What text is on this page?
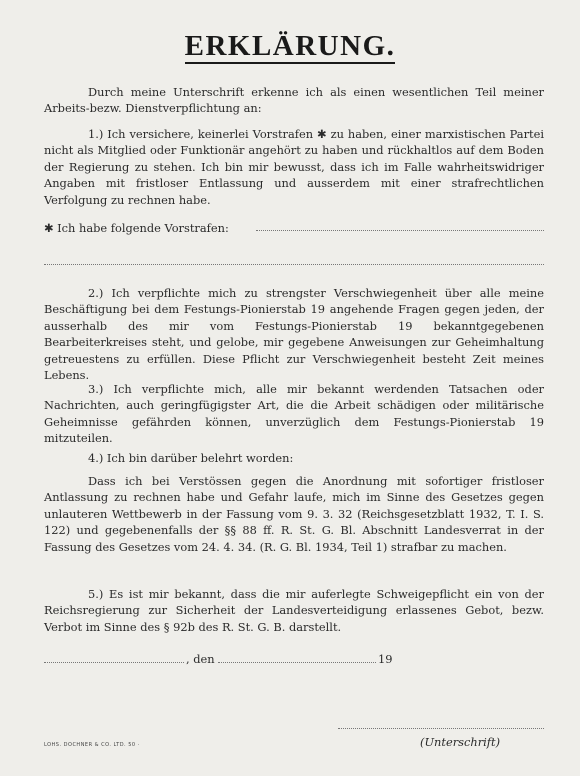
ERKLÄRUNG.

Durch meine Unterschrift erkenne ich als einen wesentlichen Teil meiner Arbeits-bezw. Dienstverpflichtung an:

1.) Ich versichere, keinerlei Vorstrafen ✱ zu haben, einer marxistischen Partei nicht als Mitglied oder Funktionär angehört zu haben und rückhaltlos auf dem Boden der Regierung zu stehen. Ich bin mir bewusst, dass ich im Falle wahrheitswidriger Angaben mit fristloser Entlassung und ausserdem mit einer strafrechtlichen Verfolgung zu rechnen habe.

✱ Ich habe folgende Vorstrafen:

2.) Ich verpflichte mich zu strengster Verschwiegenheit über alle meine Beschäftigung bei dem Festungs-Pionierstab 19 angehende Fragen gegen jeden, der ausserhalb des mir vom Festungs-Pionierstab 19 bekanntgegebenen Bearbeiterkreises steht, und gelobe, mir gegebene Anweisungen zur Geheimhaltung getreuestens zu erfüllen. Diese Pflicht zur Verschwiegenheit besteht Zeit meines Lebens.

3.) Ich verpflichte mich, alle mir bekannt werdenden Tatsachen oder Nachrichten, auch geringfügigster Art, die die Arbeit schädigen oder militärische Geheimnisse gefährden können, unverzüglich dem Festungs-Pionierstab 19 mitzuteilen.

4.) Ich bin darüber belehrt worden:

Dass ich bei Verstössen gegen die Anordnung mit sofortiger fristloser Antlassung zu rechnen habe und Gefahr laufe, mich im Sinne des Gesetzes gegen unlauteren Wettbewerb in der Fassung vom 9. 3. 32 (Reichsgesetzblatt 1932, T. I. S. 122) und gegebenenfalls der §§ 88 ff. R. St. G. Bl. Abschnitt Landesverrat in der Fassung des Gesetzes vom 24. 4. 34. (R. G. Bl. 1934, Teil 1) strafbar zu machen.

5.) Es ist mir bekannt, dass die mir auferlegte Schweigepflicht ein von der Reichsregierung zur Sicherheit der Landesverteidigung erlassenes Gebot, bezw. Verbot im Sinne des § 92b des R. St. G. B. darstellt.

, den	19
(Unterschrift)
LOHS. DOCHNER & CO. LTD. 50 ·
